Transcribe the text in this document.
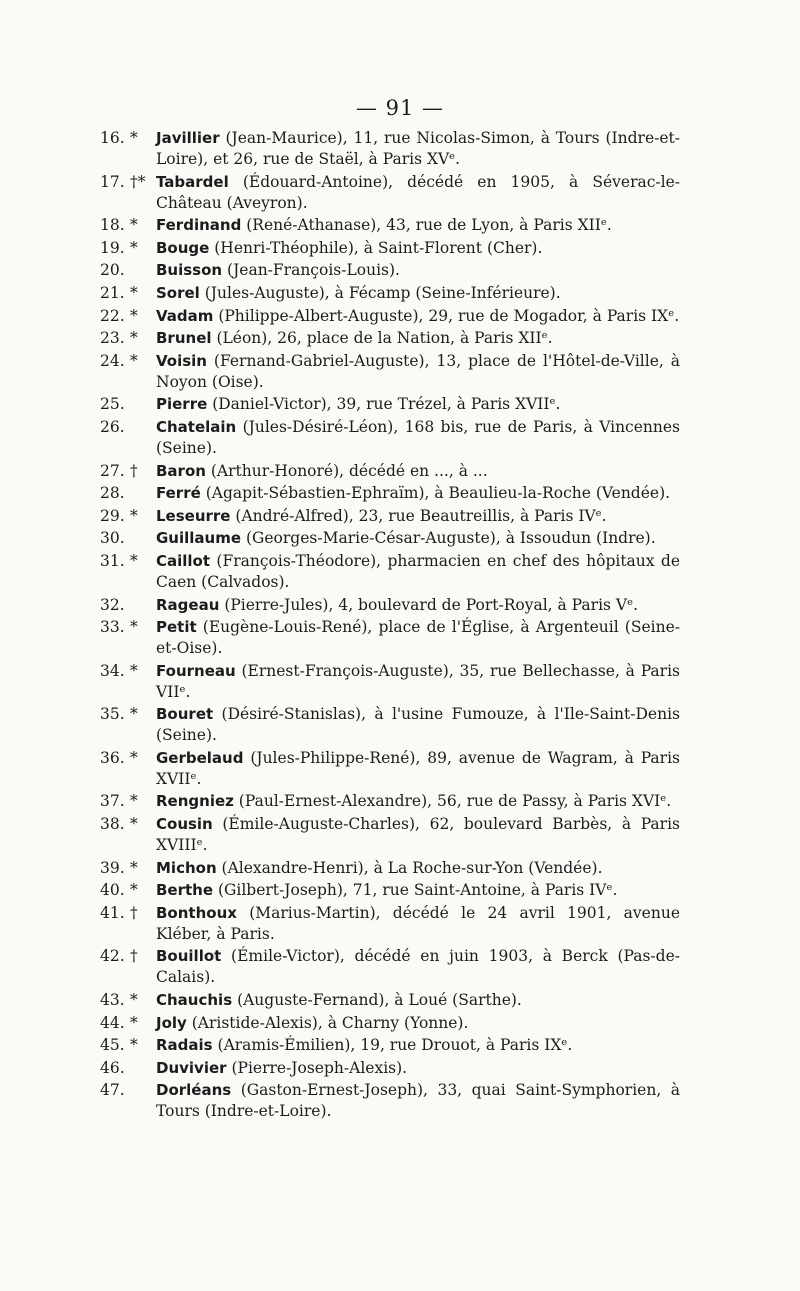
— 91 —
16. *	Javillier (Jean-Maurice), 11, rue Nicolas-Simon, à Tours (Indre-et-Loire), et 26, rue de Staël, à Paris XVᵉ.
17. †* Tabardel (Édouard-Antoine), décédé en 1905, à Séverac-le-Château (Aveyron).
18. *	Ferdinand (René-Athanase), 43, rue de Lyon, à Paris XIIᵉ.
19. *	Bouge (Henri-Théophile), à Saint-Florent (Cher).
20.	Buisson (Jean-François-Louis).
21. *	Sorel (Jules-Auguste), à Fécamp (Seine-Inférieure).
22. *	Vadam (Philippe-Albert-Auguste), 29, rue de Mogador, à Paris IXᵉ.
23. *	Brunel (Léon), 26, place de la Nation, à Paris XIIᵉ.
24. *	Voisin (Fernand-Gabriel-Auguste), 13, place de l'Hôtel-de-Ville, à Noyon (Oise).
25.	Pierre (Daniel-Victor), 39, rue Trézel, à Paris XVIIᵉ.
26.	Chatelain (Jules-Désiré-Léon), 168 bis, rue de Paris, à Vincennes (Seine).
27. †	Baron (Arthur-Honoré), décédé en ..., à ...
28.	Ferré (Agapit-Sébastien-Ephraïm), à Beaulieu-la-Roche (Vendée).
29. *	Leseurre (André-Alfred), 23, rue Beautreillis, à Paris IVᵉ.
30.	Guillaume (Georges-Marie-César-Auguste), à Issoudun (Indre).
31. *	Caillot (François-Théodore), pharmacien en chef des hôpitaux de Caen (Calvados).
32.	Rageau (Pierre-Jules), 4, boulevard de Port-Royal, à Paris Vᵉ.
33. *	Petit (Eugène-Louis-René), place de l'Église, à Argenteuil (Seine-et-Oise).
34. *	Fourneau (Ernest-François-Auguste), 35, rue Bellechasse, à Paris VIIᵉ.
35. *	Bouret (Désiré-Stanislas), à l'usine Fumouze, à l'Ile-Saint-Denis (Seine).
36. *	Gerbelaud (Jules-Philippe-René), 89, avenue de Wagram, à Paris XVIIᵉ.
37. *	Rengniez (Paul-Ernest-Alexandre), 56, rue de Passy, à Paris XVIᵉ.
38. *	Cousin (Émile-Auguste-Charles), 62, boulevard Barbès, à Paris XVIIIᵉ.
39. *	Michon (Alexandre-Henri), à La Roche-sur-Yon (Vendée).
40. *	Berthe (Gilbert-Joseph), 71, rue Saint-Antoine, à Paris IVᵉ.
41. †	Bonthoux (Marius-Martin), décédé le 24 avril 1901, avenue Kléber, à Paris.
42. †	Bouillot (Émile-Victor), décédé en juin 1903, à Berck (Pas-de-Calais).
43. *	Chauchis (Auguste-Fernand), à Loué (Sarthe).
44. *	Joly (Aristide-Alexis), à Charny (Yonne).
45. *	Radais (Aramis-Émilien), 19, rue Drouot, à Paris IXᵉ.
46.	Duvivier (Pierre-Joseph-Alexis).
47.	Dorléans (Gaston-Ernest-Joseph), 33, quai Saint-Symphorien, à Tours (Indre-et-Loire).
